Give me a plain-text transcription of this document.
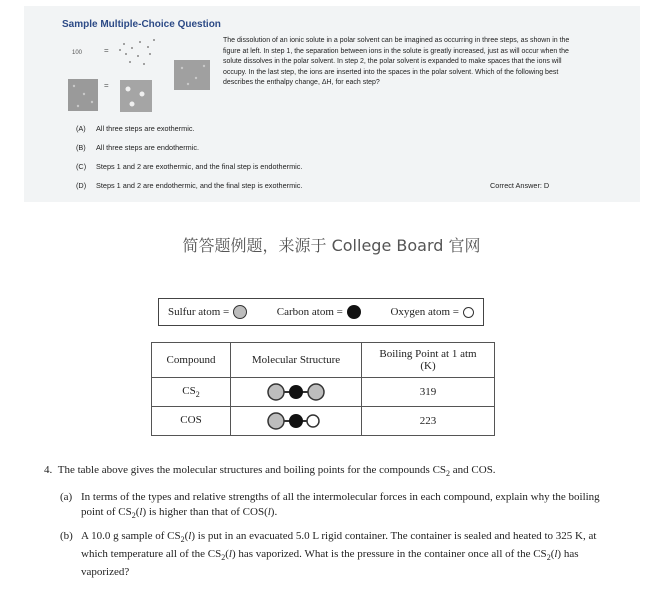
Sample Multiple-Choice Question
100	=
=

The dissolution of an ionic solute in a polar solvent can be imagined as occurring in three steps, as shown in the figure at left. In step 1, the separation between ions in the solute is greatly increased, just as will occur when the solute dissolves in the polar solvent. In step 2, the polar solvent is expanded to make spaces that the ions will occupy. In the last step, the ions are inserted into the spaces in the polar solvent. Which of the following best describes the enthalpy change, ΔH, for each step?

(A) All three steps are exothermic.
(B) All three steps are endothermic.
(C) Steps 1 and 2 are exothermic, and the final step is endothermic.
(D) Steps 1 and 2 are endothermic, and the final step is exothermic.	Correct Answer: D
简答题例题，来源于 College Board 官网
Sulfur atom =	Carbon atom =	Oxygen atom =
Compound	Molecular Structure	Boiling Point at 1 atm
(K)
$CS_2$		319
COS		223
4. The table above gives the molecular structures and boiling points for the compounds $CS_2$ and COS.
(a) In terms of the types and relative strengths of all the intermolecular forces in each compound, explain why the boiling point of $CS_2(l)$ is higher than that of COS(l).
(b) A 10.0 g sample of $CS_2(l)$ is put in an evacuated 5.0 L rigid container. The container is sealed and heated to 325 K, at which temperature all of the $CS_2(l)$ has vaporized. What is the pressure in the container once all of the $CS_2(l)$ has vaporized?
